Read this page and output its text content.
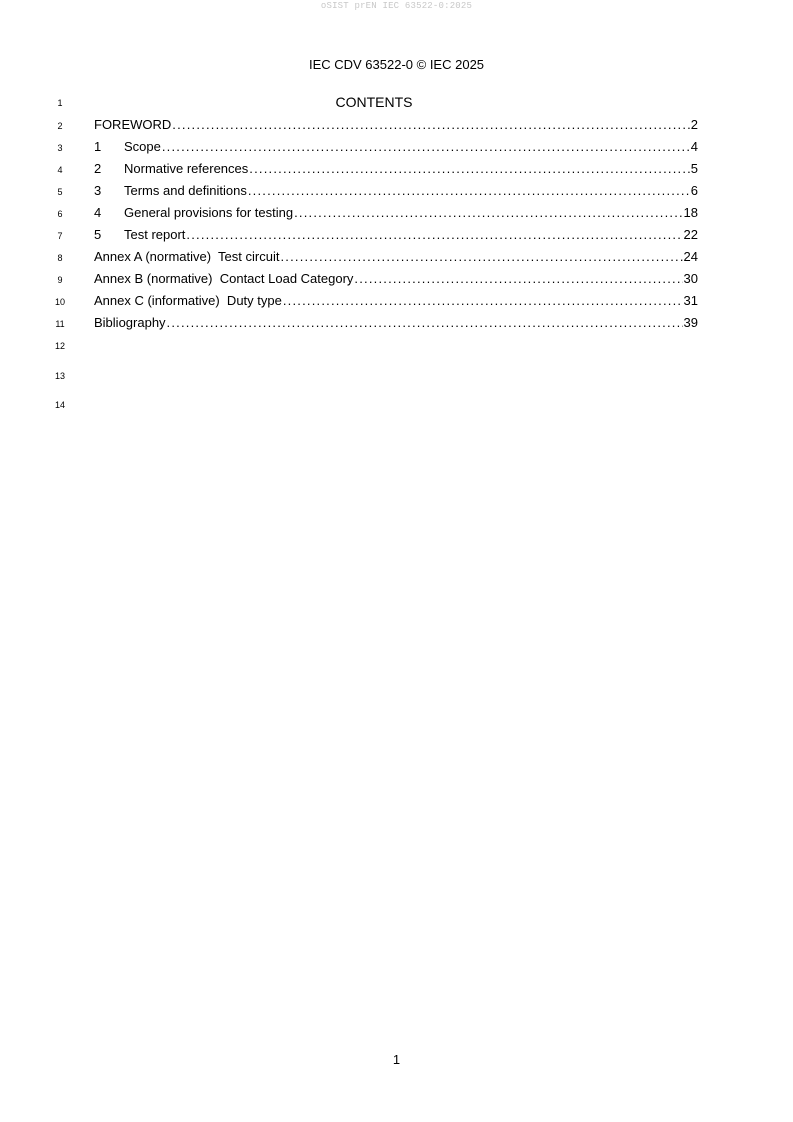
oSIST prEN IEC 63522-0:2025
IEC CDV 63522-0 © IEC 2025
1
2
3
4
5
6
7
8
9
10
11
12
13
14
CONTENTS
FOREWORD .....	2
1	Scope .....	4
2	Normative references .....	5
3	Terms and definitions .....	6
4	General provisions for testing .....	18
5	Test report .....	22
Annex A (normative)  Test circuit .....	24
Annex B (normative)  Contact Load Category .....	30
Annex C (informative)  Duty type .....	31
Bibliography .....	39
1
